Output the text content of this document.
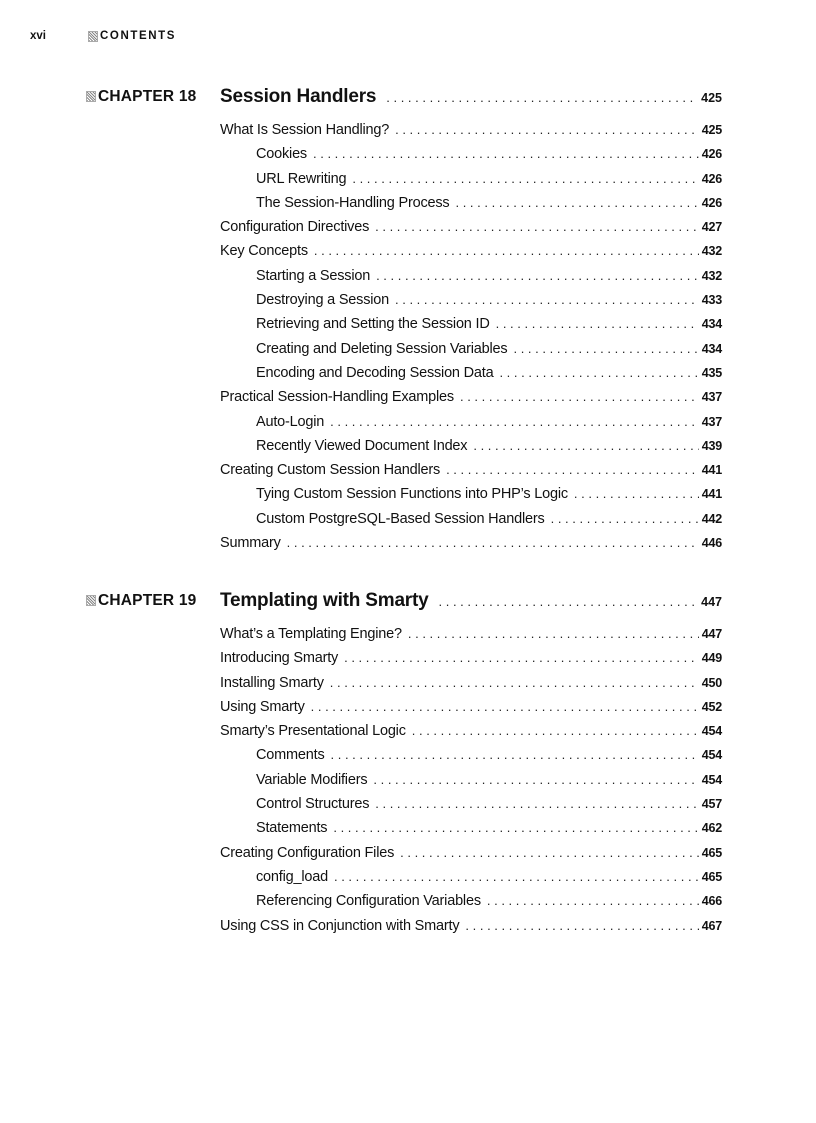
xvi	CONTENTS
CHAPTER 18 Session Handlers . . .	425
What Is Session Handling? . . .	425
Cookies . . .	426
URL Rewriting . . .	426
The Session-Handling Process . . .	426
Configuration Directives . . .	427
Key Concepts . . .	432
Starting a Session . . .	432
Destroying a Session . . .	433
Retrieving and Setting the Session ID . . .	434
Creating and Deleting Session Variables . . .	434
Encoding and Decoding Session Data . . .	435
Practical Session-Handling Examples . . .	437
Auto-Login . . .	437
Recently Viewed Document Index . . .	439
Creating Custom Session Handlers . . .	441
Tying Custom Session Functions into PHP’s Logic . . .	441
Custom PostgreSQL-Based Session Handlers . . .	442
Summary . . .	446
CHAPTER 19 Templating with Smarty . . .	447
What’s a Templating Engine? . . .	447
Introducing Smarty . . .	449
Installing Smarty . . .	450
Using Smarty . . .	452
Smarty’s Presentational Logic . . .	454
Comments . . .	454
Variable Modifiers . . .	454
Control Structures . . .	457
Statements . . .	462
Creating Configuration Files . . .	465
config_load . . .	465
Referencing Configuration Variables . . .	466
Using CSS in Conjunction with Smarty . . .	467
